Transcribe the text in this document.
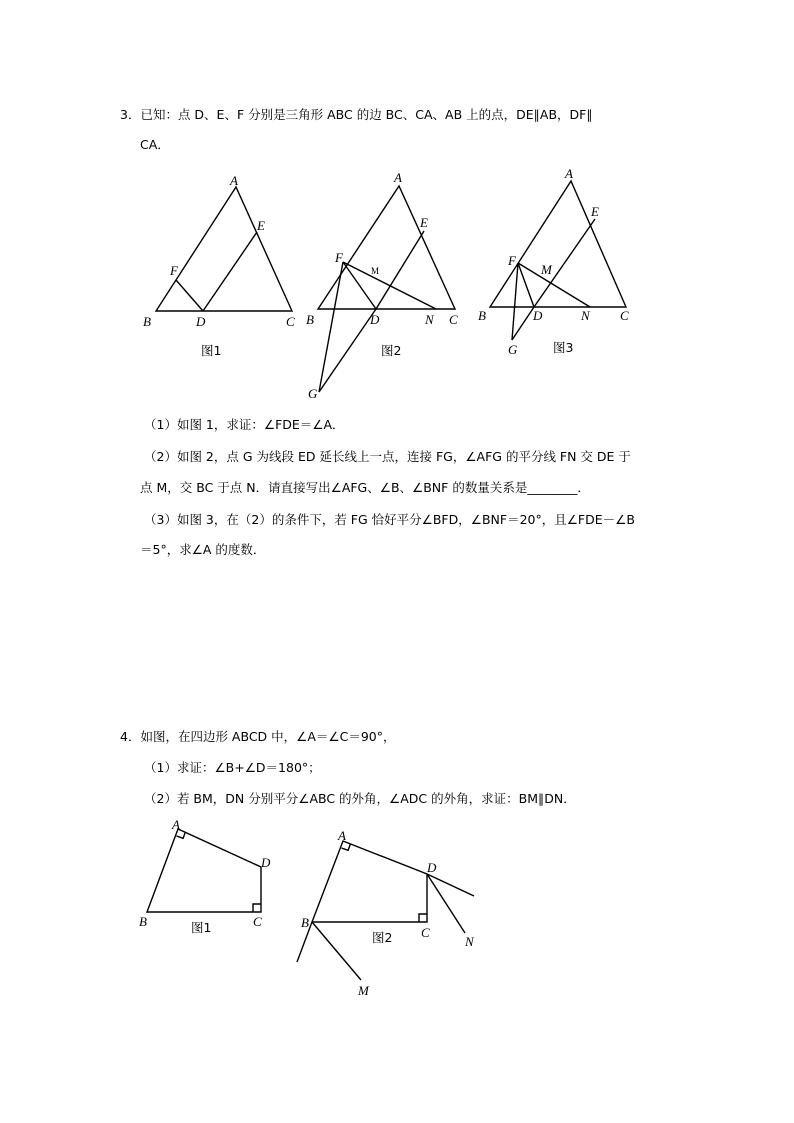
3．已知：点 D、E、F 分别是三角形 ABC 的边 BC、CA、AB 上的点，DE∥AB，DF∥
CA．
A
B	C
D
E
F
图1
A
B	C
D
E
F
M
N
G
图2
A
B	C
D
E
F
M
N
G	图3
（1）如图 1，求证：∠FDE＝∠A．
（2）如图 2，点 G 为线段 ED 延长线上一点，连接 FG，∠AFG 的平分线 FN 交 DE 于
点 M，交 BC 于点 N．请直接写出∠AFG、∠B、∠BNF 的数量关系是________．
（3）如图 3，在（2）的条件下，若 FG 恰好平分∠BFD，∠BNF＝20°，且∠FDE－∠B
＝5°，求∠A 的度数．
4．如图，在四边形 ABCD 中，∠A＝∠C＝90°，
（1）求证：∠B+∠D＝180°；
（2）若 BM，DN 分别平分∠ABC 的外角，∠ADC 的外角，求证：BM∥DN．
A
B	C
D
图1
A
B
C
D
M
N
图2
